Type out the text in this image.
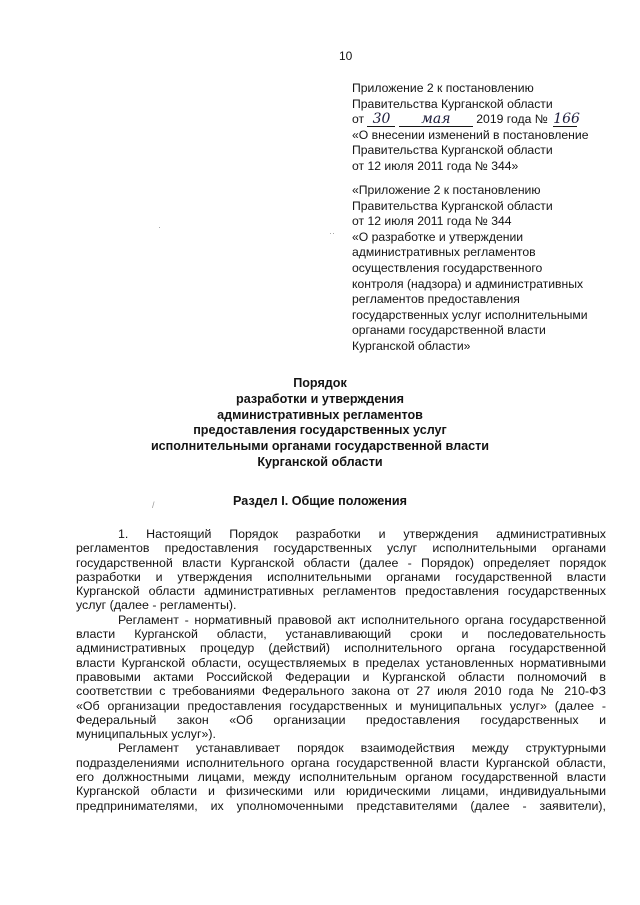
10
Приложение 2 к постановлению
Правительства Курганской области
от 30 мая 2019 года № 166
«О внесении изменений в постановление
Правительства Курганской области
от 12 июля 2011 года № 344»
«Приложение 2 к постановлению
Правительства Курганской области
от 12 июля 2011 года № 344
«О разработке и утверждении
административных регламентов
осуществления государственного
контроля (надзора) и административных
регламентов предоставления
государственных услуг исполнительными
органами государственной власти
Курганской области»
·
··
/
Порядок
разработки и утверждения
административных регламентов
предоставления государственных услуг
исполнительными органами государственной власти
Курганской области
Раздел I. Общие положения
1. Настоящий Порядок разработки и утверждения административных
регламентов предоставления государственных услуг исполнительными органами
государственной власти Курганской области (далее - Порядок) определяет порядок
разработки и утверждения исполнительными органами государственной власти
Курганской области административных регламентов предоставления государственных
услуг (далее - регламенты).
Регламент - нормативный правовой акт исполнительного органа государственной
власти Курганской области, устанавливающий сроки и последовательность
административных процедур (действий) исполнительного органа государственной
власти Курганской области, осуществляемых в пределах установленных нормативными
правовыми актами Российской Федерации и Курганской области полномочий в
соответствии с требованиями Федерального закона от 27 июля 2010 года № 210-ФЗ
«Об организации предоставления государственных и муниципальных услуг» (далее -
Федеральный закон «Об организации предоставления государственных и
муниципальных услуг»).
Регламент устанавливает порядок взаимодействия между структурными
подразделениями исполнительного органа государственной власти Курганской области,
его должностными лицами, между исполнительным органом государственной власти
Курганской области и физическими или юридическими лицами, индивидуальными
предпринимателями, их уполномоченными представителями (далее - заявители),
